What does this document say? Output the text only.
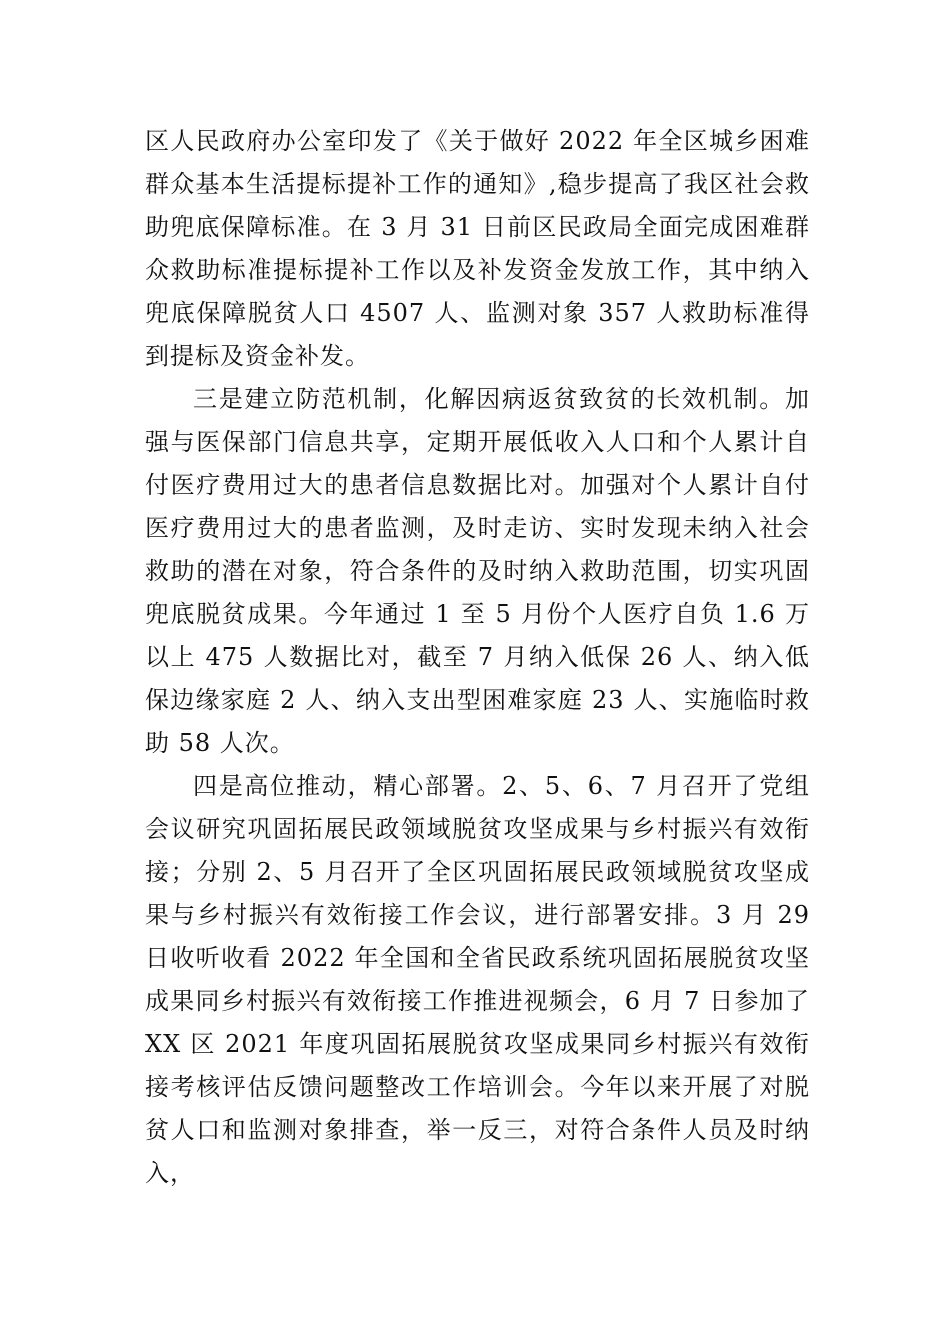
区人民政府办公室印发了《关于做好 2022 年全区城乡困难群众基本生活提标提补工作的通知》,稳步提高了我区社会救助兜底保障标准。在 3 月 31 日前区民政局全面完成困难群众救助标准提标提补工作以及补发资金发放工作，其中纳入兜底保障脱贫人口 4507 人、监测对象 357 人救助标准得到提标及资金补发。

三是建立防范机制，化解因病返贫致贫的长效机制。加强与医保部门信息共享，定期开展低收入人口和个人累计自付医疗费用过大的患者信息数据比对。加强对个人累计自付医疗费用过大的患者监测，及时走访、实时发现未纳入社会救助的潜在对象，符合条件的及时纳入救助范围，切实巩固兜底脱贫成果。今年通过 1 至 5 月份个人医疗自负 1.6 万以上 475 人数据比对，截至 7 月纳入低保 26 人、纳入低保边缘家庭 2 人、纳入支出型困难家庭 23 人、实施临时救助 58 人次。

四是高位推动，精心部署。2、5、6、7 月召开了党组会议研究巩固拓展民政领域脱贫攻坚成果与乡村振兴有效衔接；分别 2、5 月召开了全区巩固拓展民政领域脱贫攻坚成果与乡村振兴有效衔接工作会议，进行部署安排。3 月 29 日收听收看 2022 年全国和全省民政系统巩固拓展脱贫攻坚成果同乡村振兴有效衔接工作推进视频会，6 月 7 日参加了 XX 区 2021 年度巩固拓展脱贫攻坚成果同乡村振兴有效衔接考核评估反馈问题整改工作培训会。今年以来开展了对脱贫人口和监测对象排查，举一反三，对符合条件人员及时纳入，
